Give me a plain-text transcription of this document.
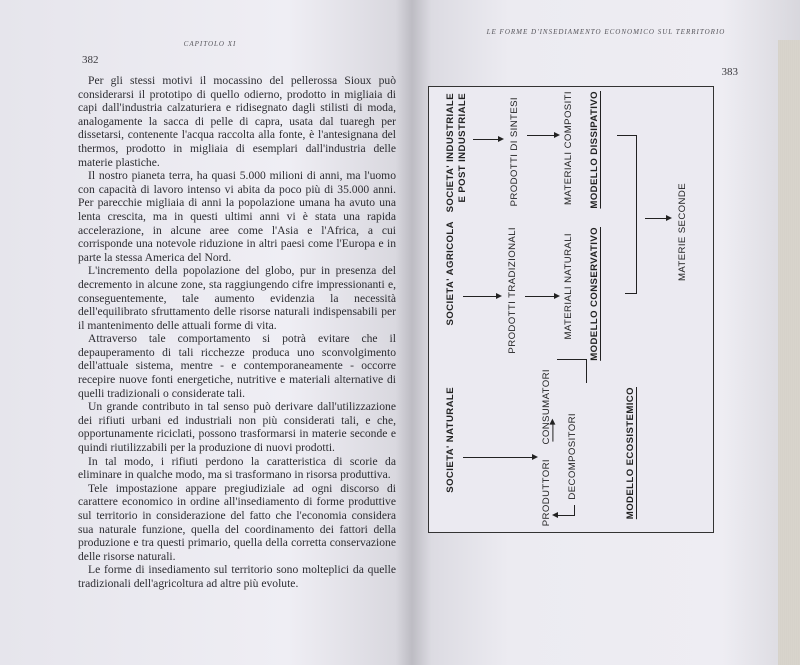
CAPITOLO XI
382

Per gli stessi motivi il mocassino del pellerossa Sioux può considerarsi il prototipo di quello odierno, prodotto in migliaia di capi dall'industria calzaturiera e ridisegnato dagli stilisti di moda, analogamente la sacca di pelle di capra, usata dal tuaregh per dissetarsi, contenente l'acqua raccolta alla fonte, è l'antesignana del thermos, prodotto in migliaia di esemplari dall'industria delle materie plastiche.

Il nostro pianeta terra, ha quasi 5.000 milioni di anni, ma l'uomo con capacità di lavoro intenso vi abita da poco più di 35.000 anni. Per parecchie migliaia di anni la popolazione umana ha avuto una lenta crescita, ma in questi ultimi anni vi è stata una rapida accelerazione, in alcune aree come l'Asia e l'Africa, a cui corrisponde una notevole riduzione in altri paesi come l'Europa e in parte la stessa America del Nord.

L'incremento della popolazione del globo, pur in presenza del decremento in alcune zone, sta raggiungendo cifre impressionanti e, conseguentemente, tale aumento evidenzia la necessità dell'equilibrato sfruttamento delle risorse naturali indispensabili per il mantenimento delle attuali forme di vita.

Attraverso tale comportamento si potrà evitare che il depauperamento di tali ricchezze produca uno sconvolgimento dell'attuale sistema, mentre - e contemporaneamente - occorre recepire nuove fonti energetiche, nutritive e materiali alternative di quelli tradizionali o considerate tali.

Un grande contributo in tal senso può derivare dall'utilizzazione dei rifiuti urbani ed industriali non più considerati tali, e che, opportunamente riciclati, possono trasformarsi in materie seconde e quindi riutilizzabili per la produzione di nuovi prodotti.

In tal modo, i rifiuti perdono la caratteristica di scorie da eliminare in qualche modo, ma si trasformano in risorsa produttiva.

Tele impostazione appare pregiudiziale ad ogni discorso di carattere economico in ordine all'insediamento di forme produttive sul territorio in considerazione del fatto che l'economia considera sua naturale funzione, quella del coordinamento dei fattori della produzione e tra questi primario, quella della corretta conservazione delle risorse naturali.

Le forme di insediamento sul territorio sono molteplici da quelle tradizionali dell'agricoltura ad altre più evolute.

LE FORME D'INSEDIAMENTO ECONOMICO SUL TERRITORIO
383
SOCIETA' NATURALE	PRODUTTORI
CONSUMATORI
DECOMPOSITORI	MODELLO ECOSISTEMICO
SOCIETA' AGRICOLA	PRODOTTI TRADIZIONALI	MATERIALI NATURALI MODELLO CONSERVATIVO
SOCIETA' INDUSTRIALE E POST INDUSTRIALE	PRODOTTI DI SINTESI	MATERIALI COMPOSITI MODELLO DISSIPATIVO
MATERIE SECONDE
